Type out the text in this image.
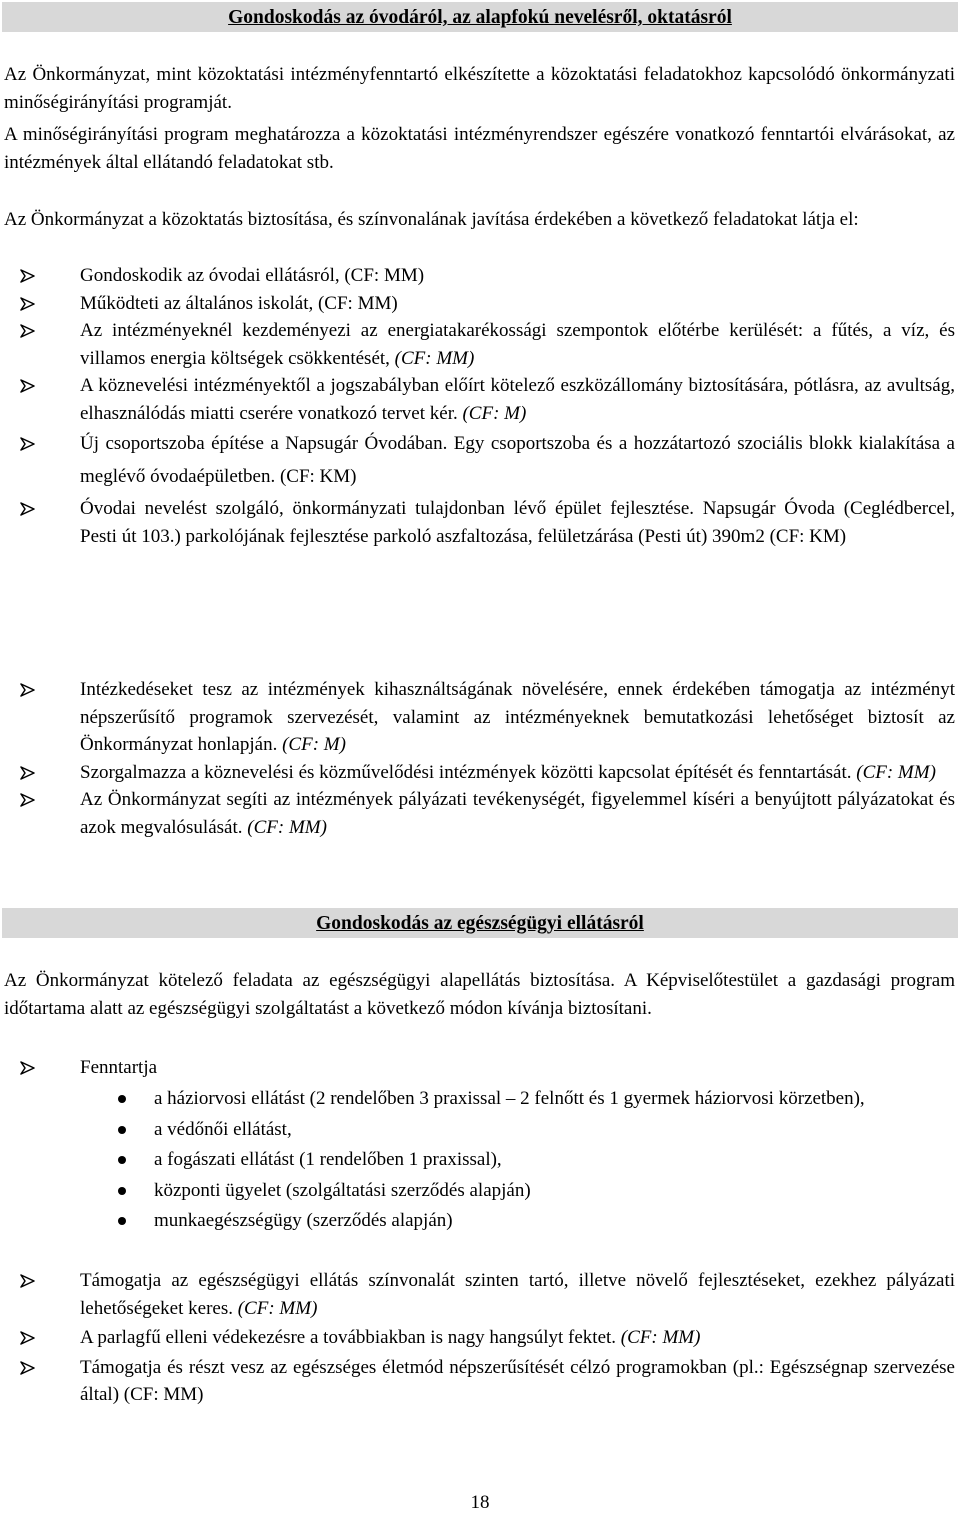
Gondoskodás az óvodáról, az alapfokú nevelésről, oktatásról
Az Önkormányzat, mint közoktatási intézményfenntartó elkészítette a közoktatási feladatokhoz kapcsolódó önkormányzati minőségirányítási programját.
A minőségirányítási program meghatározza a közoktatási intézményrendszer egészére vonatkozó fenntartói elvárásokat, az intézmények által ellátandó feladatokat stb.
Az Önkormányzat a közoktatás biztosítása, és színvonalának javítása érdekében a következő feladatokat látja el:
Gondoskodik az óvodai ellátásról, (CF: MM)
Működteti az általános iskolát, (CF: MM)
Az intézményeknél kezdeményezi az energiatakarékossági szempontok előtérbe kerülését: a fűtés, a víz, és villamos energia költségek csökkentését, (CF: MM)
A köznevelési intézményektől a jogszabályban előírt kötelező eszközállomány biztosítására, pótlásra, az avultság, elhasználódás miatti cserére vonatkozó tervet kér. (CF: M)
Új csoportszoba építése a Napsugár Óvodában. Egy csoportszoba és a hozzátartozó szociális blokk kialakítása a meglévő óvodaépületben. (CF: KM)
Óvodai nevelést szolgáló, önkormányzati tulajdonban lévő épület fejlesztése. Napsugár Óvoda (Ceglédbercel, Pesti út 103.) parkolójának fejlesztése parkoló aszfaltozása, felületzárása (Pesti út) 390m2 (CF: KM)
Intézkedéseket tesz az intézmények kihasználtságának növelésére, ennek érdekében támogatja az intézményt népszerűsítő programok szervezését, valamint az intézményeknek bemutatkozási lehetőséget biztosít az Önkormányzat honlapján. (CF: M)
Szorgalmazza a köznevelési és közművelődési intézmények közötti kapcsolat építését és fenntartását. (CF: MM)
Az Önkormányzat segíti az intézmények pályázati tevékenységét, figyelemmel kíséri a benyújtott pályázatokat és azok megvalósulását. (CF: MM)
Gondoskodás az egészségügyi ellátásról
Az Önkormányzat kötelező feladata az egészségügyi alapellátás biztosítása. A Képviselőtestület a gazdasági program időtartama alatt az egészségügyi szolgáltatást a következő módon kívánja biztosítani.
Fenntartja
a háziorvosi ellátást (2 rendelőben 3 praxissal – 2 felnőtt és 1 gyermek háziorvosi körzetben),
a védőnői ellátást,
a fogászati ellátást (1 rendelőben 1 praxissal),
központi ügyelet (szolgáltatási szerződés alapján)
munkaegészségügy (szerződés alapján)
Támogatja az egészségügyi ellátás színvonalát szinten tartó, illetve növelő fejlesztéseket, ezekhez pályázati lehetőségeket keres. (CF: MM)
A parlagfű elleni védekezésre a továbbiakban is nagy hangsúlyt fektet. (CF: MM)
Támogatja és részt vesz az egészséges életmód népszerűsítését célzó programokban (pl.: Egészségnap szervezése által) (CF: MM)
18
